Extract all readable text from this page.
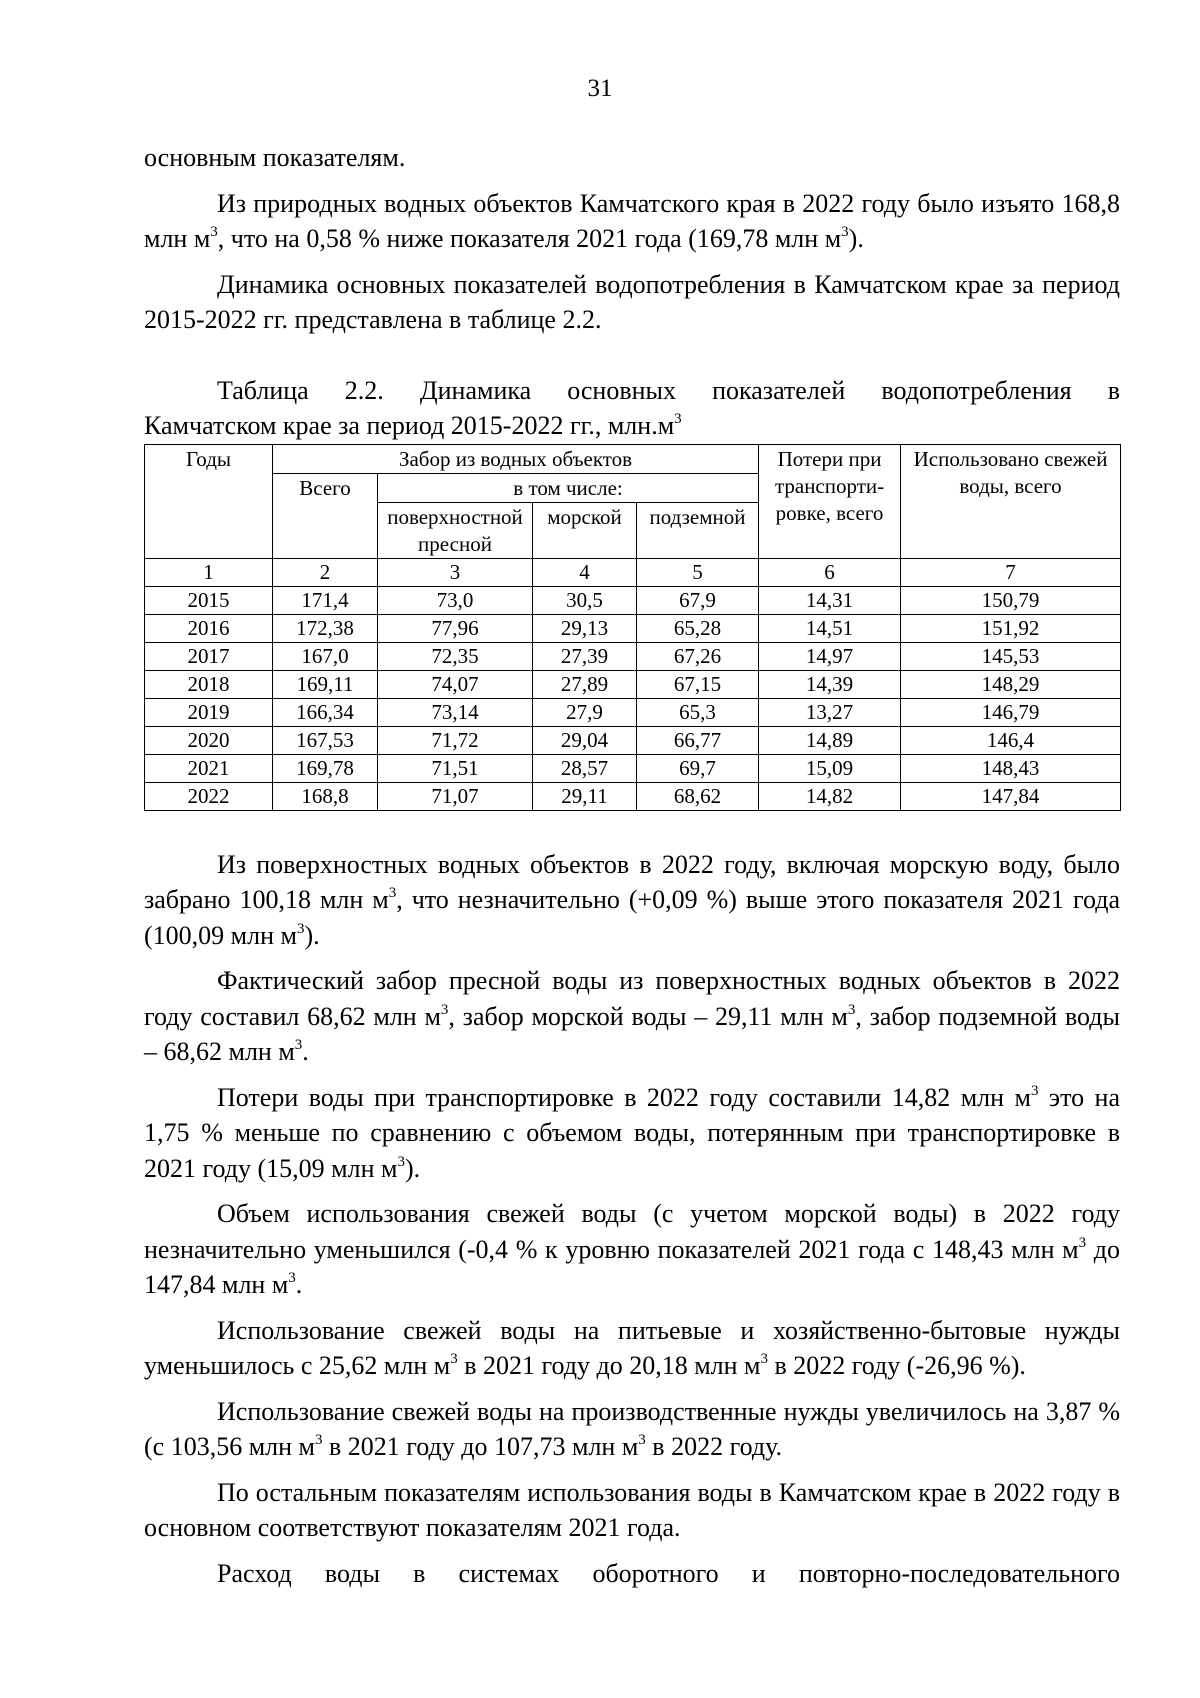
31

основным показателям.

Из природных водных объектов Камчатского края в 2022 году было изъято 168,8 млн $м^3$, что на 0,58 % ниже показателя 2021 года (169,78 млн $м^3$).

Динамика основных показателей водопотребления в Камчатском крае за период 2015-2022 гг. представлена в таблице 2.2.

Таблица 2.2. Динамика основных показателей водопотребления в
Камчатском крае за период 2015-2022 гг., $млн.м^3$
Годы	Забор из водных объектов				Потери при транспорти-ровке, всего	Использовано свежей воды, всего
	Всего	в том числе:				
		поверхностной пресной	морской	подземной		
1	2	3	4	5	6	7
2015	171,4	73,0	30,5	67,9	14,31	150,79
2016	172,38	77,96	29,13	65,28	14,51	151,92
2017	167,0	72,35	27,39	67,26	14,97	145,53
2018	169,11	74,07	27,89	67,15	14,39	148,29
2019	166,34	73,14	27,9	65,3	13,27	146,79
2020	167,53	71,72	29,04	66,77	14,89	146,4
2021	169,78	71,51	28,57	69,7	15,09	148,43
2022	168,8	71,07	29,11	68,62	14,82	147,84

Из поверхностных водных объектов в 2022 году, включая морскую воду, было забрано 100,18 млн $м^3$, что незначительно (+0,09 %) выше этого показателя 2021 года (100,09 млн $м^3$).

Фактический забор пресной воды из поверхностных водных объектов в 2022 году составил 68,62 млн $м^3$, забор морской воды – 29,11 млн $м^3$, забор подземной воды – 68,62 млн $м^3$.

Потери воды при транспортировке в 2022 году составили 14,82 млн $м^3$ это на 1,75 % меньше по сравнению с объемом воды, потерянным при транспортировке в 2021 году (15,09 млн $м^3$).

Объем использования свежей воды (с учетом морской воды) в 2022 году незначительно уменьшился (-0,4 % к уровню показателей 2021 года с 148,43 млн $м^3$ до 147,84 млн $м^3$.

Использование свежей воды на питьевые и хозяйственно-бытовые нужды уменьшилось с 25,62 млн $м^3$ в 2021 году до 20,18 млн $м^3$ в 2022 году (-26,96 %).

Использование свежей воды на производственные нужды увеличилось на 3,87 % (с 103,56 млн $м^3$ в 2021 году до 107,73 млн $м^3$ в 2022 году.

По остальным показателям использования воды в Камчатском крае в 2022 году в основном соответствуют показателям 2021 года.

Расход воды в системах оборотного и повторно-последовательного
